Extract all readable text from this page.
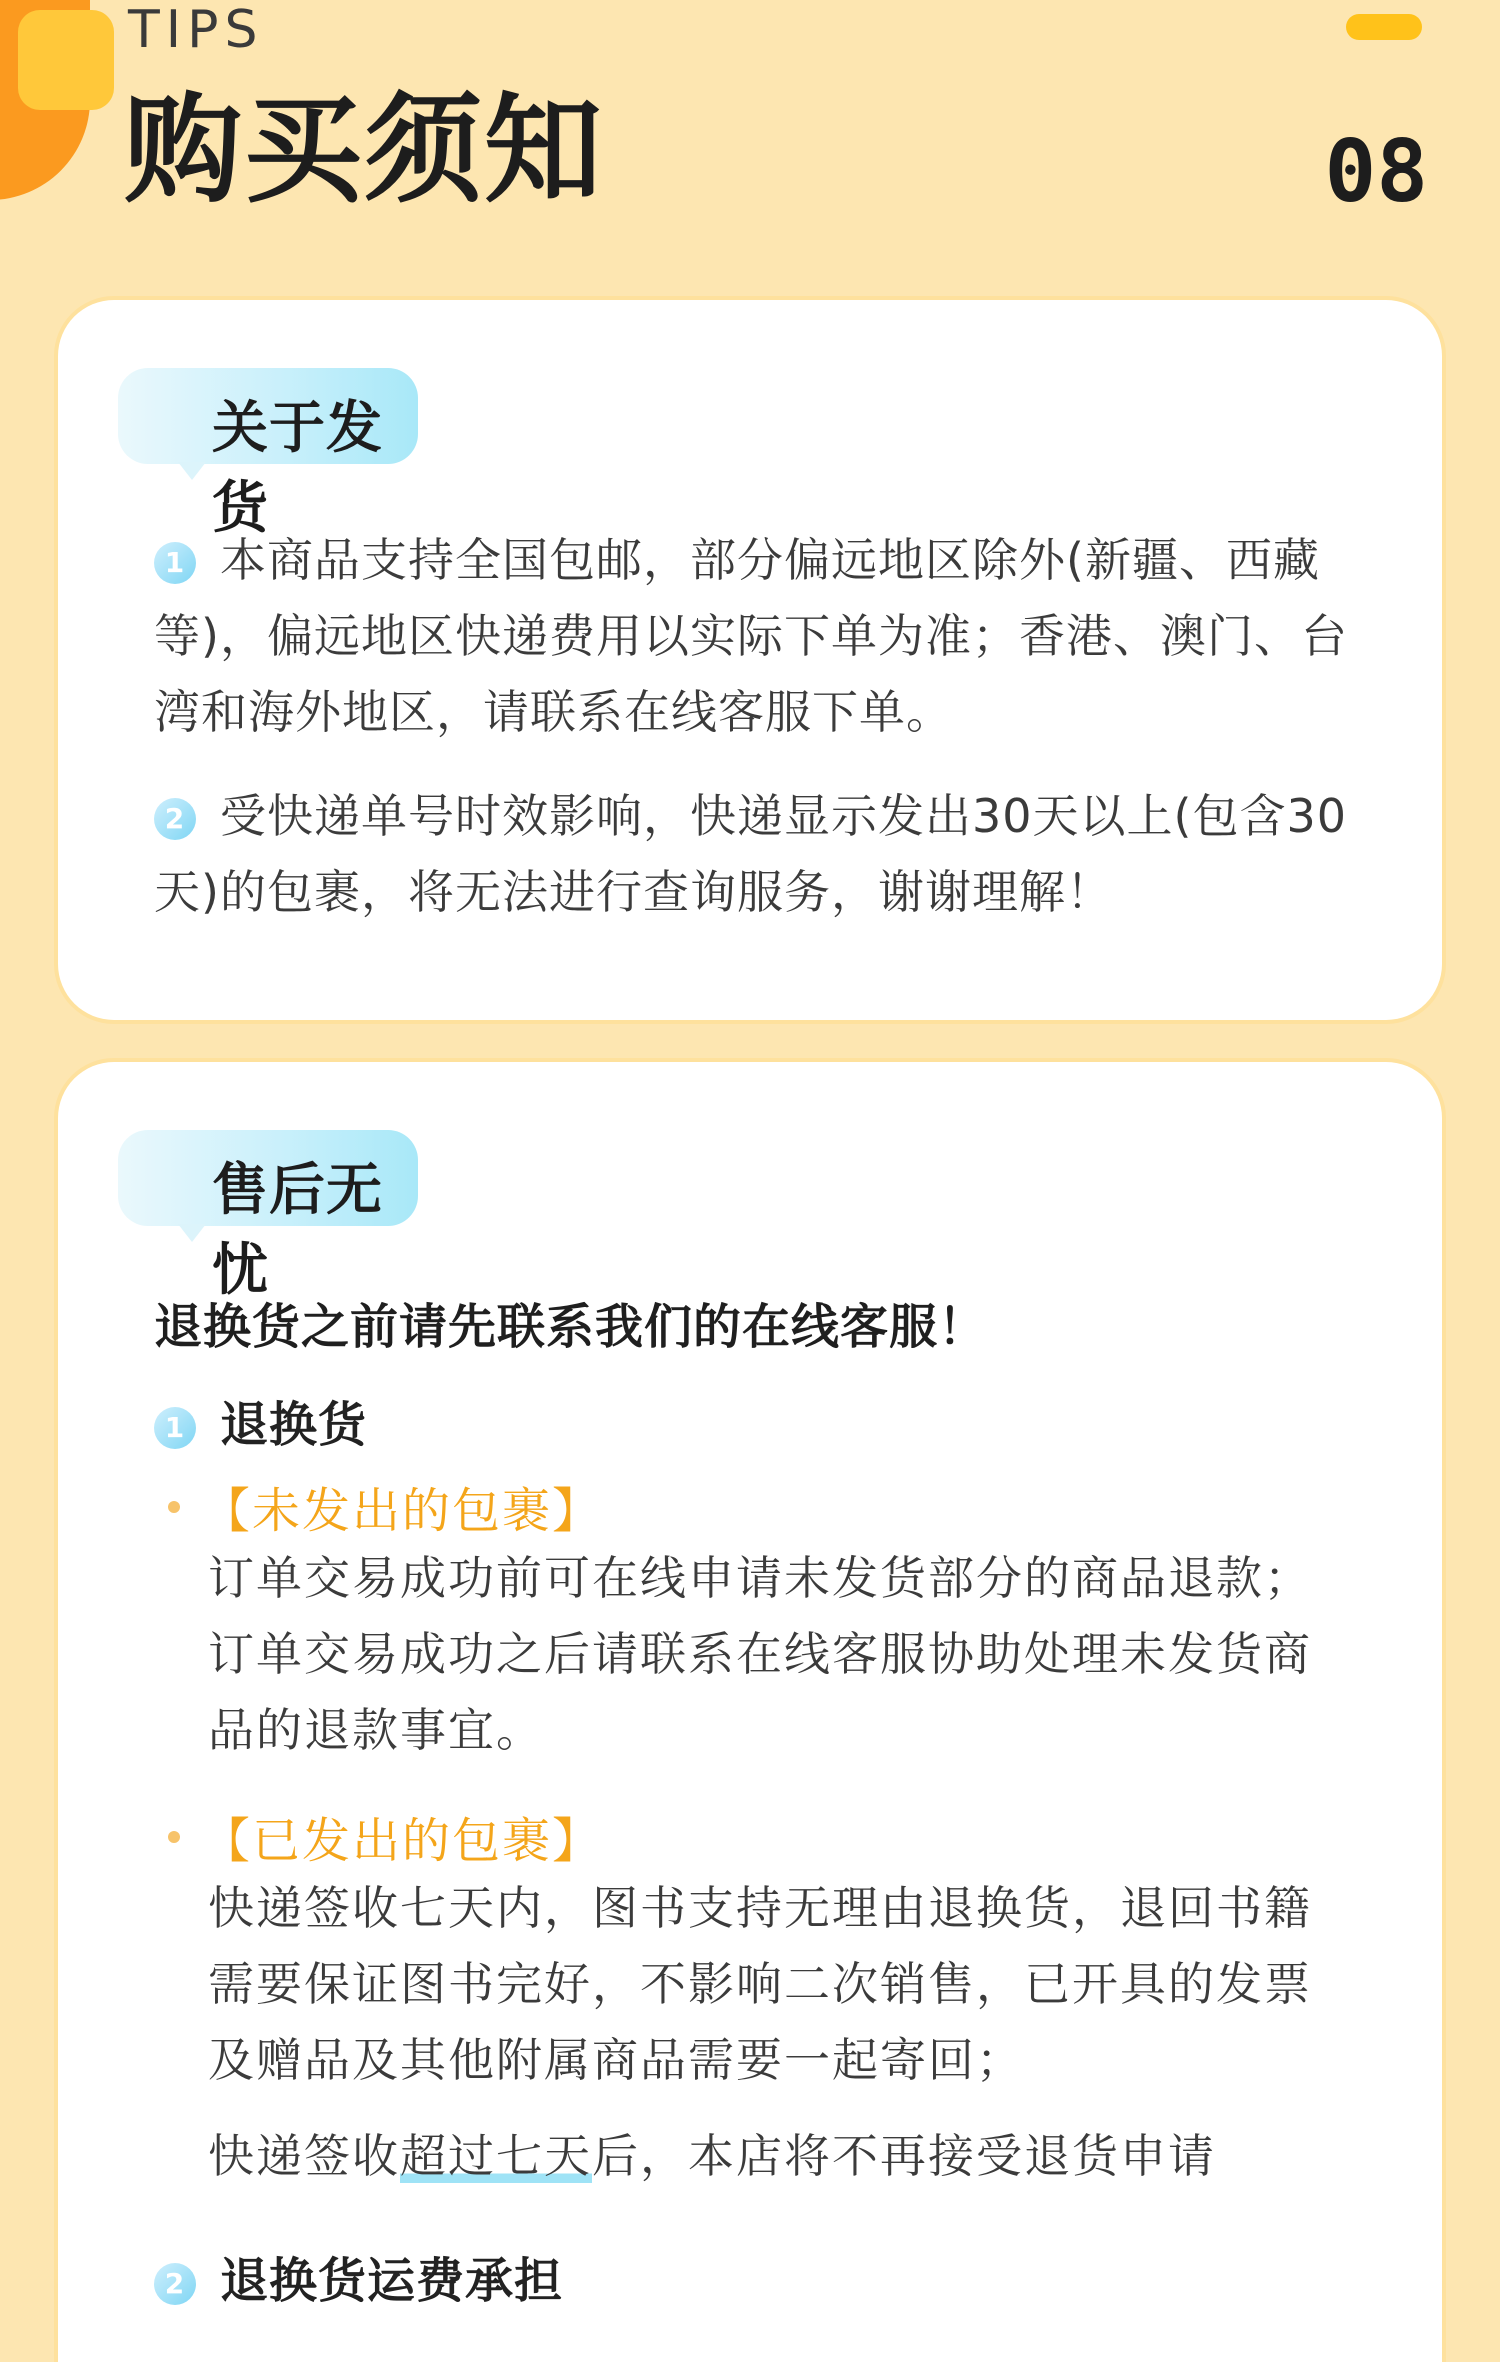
TIPS
购买须知	08
关于发货
1 本商品支持全国包邮，部分偏远地区除外(新疆、西藏等)，偏远地区快递费用以实际下单为准；香港、澳门、台湾和海外地区，请联系在线客服下单。
2 受快递单号时效影响，快递显示发出30天以上(包含30天)的包裹，将无法进行查询服务，谢谢理解！
售后无忧
退换货之前请先联系我们的在线客服！
1 退换货
【未发出的包裹】
订单交易成功前可在线申请未发货部分的商品退款；订单交易成功之后请联系在线客服协助处理未发货商品的退款事宜。
【已发出的包裹】
快递签收七天内，图书支持无理由退换货，退回书籍需要保证图书完好，不影响二次销售，已开具的发票及赠品及其他附属商品需要一起寄回；
快递签收超过七天后，本店将不再接受退货申请
2 退换货运费承担
